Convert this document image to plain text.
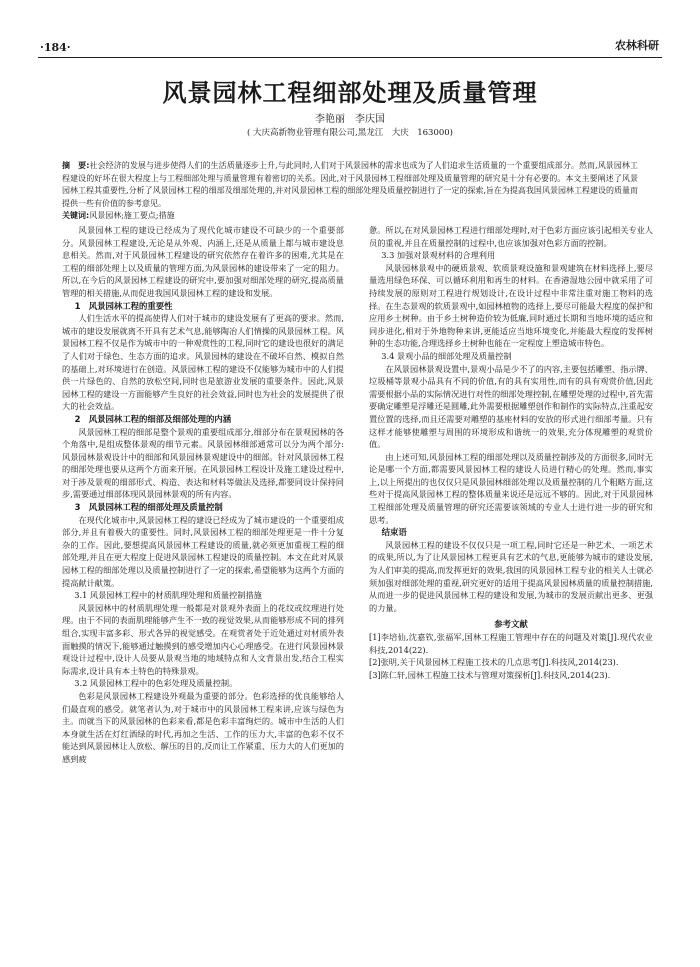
·184·	农林科研
风景园林工程细部处理及质量管理
李艳丽　李庆国
( 大庆高新物业管理有限公司,黑龙江　大庆　163000)
摘　要:社会经济的发展与进步使得人们的生活质量逐步上升,与此同时,人们对于风景园林的需求也成为了人们追求生活质量的一个重要组成部分。然而,风景园林工程建设的好坏在很大程度上与工程细部处理与质量管理有着密切的关系。因此,对于风景园林工程细部处理及质量管理的研究是十分有必要的。本文主要阐述了风景园林工程其重要性,分析了风景园林工程的细部及细部处理的,并对风景园林工程的细部处理及质量控制进行了一定的探索,旨在为提高我国风景园林工程建设的质量而提供一些有价值的参考意见。
关键词:风景园林;施工要点;措施

风景园林工程的建设已经成为了现代化城市建设不可缺少的一个重要部分。风景园林工程建设,无论是从外观、内涵上,还是从质量上都与城市建设息息相关。然而,对于风景园林工程建设的研究依然存在着许多的困难,尤其是在工程的细部处理上以及质量的管理方面,为风景园林的建设带来了一定的阻力。所以,在今后的风景园林工程建设的研究中,要加强对细部处理的研究,提高质量管理的相关措施,从而促进我国风景园林工程的建设和发展。

1　风景园林工程的重要性

人们生活水平的提高使得人们对于城市的建设发展有了更高的要求。然而,城市的建设发展就离不开具有艺术气息,能够陶冶人们情操的风景园林工程。风景园林工程不仅是作为城市中的一种观赏性的工程,同时它的建设也很好的满足了人们对于绿色、生态方面的追求。风景园林的建设在不破坏自然、模拟自然的基础上,对环境进行在创造。风景园林工程的建设不仅能够为城市中的人们提供一片绿色的、自然的放松空间,同时也是旅游业发展的重要条件。因此,风景园林工程的建设一方面能够产生良好的社会效益,同时也为社会的发展提供了很大的社会效益。

2　风景园林工程的细部及细部处理的内涵

风景园林工程的细部是整个景观的重要组成部分,细部分布在景观园林的各个角落中,是组成整体景观的细节元素。风景园林细部通常可以分为两个部分:风景园林景观设计中的细部和风景园林景观建设中的细部。针对风景园林工程的细部处理也要从这两个方面来开展。在风景园林工程设计及施工建设过程中,对于涉及景观的细部形式、构造、表达和材料等做法及选择,都要同设计保持同步,需要通过细部体现风景园林景观的所有内容。

3　风景园林工程的细部处理及质量控制

在现代化城市中,风景园林工程的建设已经成为了城市建设的一个重要组成部分,并且有着极大的重要性。同时,风景园林工程的细部处理更是一件十分复杂的工作。因此,要想提高风景园林工程建设的质量,就必须更加重视工程的细部处理,并且在更大程度上促进风景园林工程建设的质量控制。本文在此对风景园林工程的细部处理以及质量控制进行了一定的探索,希望能够为这两个方面的提高献计献策。

3.1 风景园林工程中的材质肌理处理和质量控制措施

风景园林中的材质肌理处理一般都是对景观外表面上的花纹或纹理进行处理。由于不同的表面肌理能够产生不一致的视觉效果,从而能够形成不同的排列组合,实现丰富多彩、形式各异的视觉感受。在观赏者处于近处通过对材质外表面触摸的情况下,能够通过触摸到的感受增加内心心理感受。在进行风景园林景观设计过程中,设计人员要从景观当地的地域特点和人文背景出发,结合工程实际需求,设计具有本土特色的特殊景观。

3.2 风景园林工程中的色彩处理及质量控制。

色彩是风景园林工程建设外观最为重要的部分。色彩选择的优良能够给人们最直观的感受。就笔者认为,对于城市中的风景园林工程来讲,应该与绿色为主。而就当下的风景园林的色彩来看,都是色彩丰富绚烂的。城市中生活的人们本身就生活在灯红酒绿的时代,再加之生活、工作的压力大,丰富的色彩不仅不能达到风景园林让人放松、解压的目的,反而让工作紧重、压力大的人们更加的感到疲

惫。所以,在对风景园林工程进行细部处理时,对于色彩方面应该引起相关专业人员的重视,并且在质量控制的过程中,也应该加强对色彩方面的控制。

3.3 加强对景观材料的合理利用

风景园林景观中的硬质景观、软质景观设施和景观建筑在材料选择上,要尽量选用绿色环保、可以循环利用和再生的材料。在香港湿地公园中就采用了可持续发展的原则对工程进行规划设计,在设计过程中非常注重对施工物料的选择。在生态景观的软质景观中,如园林植物的选择上,要尽可能最大程度的保护和应用乡土树种。由于乡土树种造价较为低廉,同时通过长期和当地环境的适应和同步进化,相对于外地物种来讲,更能适应当地环境变化,并能最大程度的发挥树种的生态功能,合理选择乡土树种也能在一定程度上塑造城市特色。

3.4 景观小品的细部处理及质量控制

在风景园林景观设置中,景观小品是少不了的内容,主要包括雕塑、指示牌、垃圾桶等景观小品具有不同的价值,有的具有实用性,而有的具有观赏价值,因此需要根据小品的实际情况进行对性的细部处理控制,在雕塑处理的过程中,首先需要确定雕塑是浮雕还是圆雕,此外需要根据雕塑创作和制作的实际特点,注重起安置位置的选择,而且还需要对雕塑的基座材料的安放的形式进行细部考量。只有这样才能够使雕塑与周围的环境形成和谐统一的效果,充分体现雕塑的观赏价值。

由上述可知,风景园林工程的细部处理以及质量控制涉及的方面很多,同时无论是哪一个方面,都需要风景园林工程的建设人员进行精心的处理。然而,事实上,以上所提出的也仅仅只是风景园林细部处理以及质量控制的几个粗略方面,这些对于提高风景园林工程的整体质量来说还是远远不够的。因此,对于风景园林工程细部处理及质量管理的研究还需要该领域的专业人士进行进一步的研究和思考。

结束语

风景园林工程的建设不仅仅只是一项工程,同时它还是一种艺术、一项艺术的成果,所以,为了让风景园林工程更具有艺术的气息,更能够为城市的建设发展,为人们审美的提高,而发挥更好的效果,我国的风景园林工程专业的相关人士就必须加强对细部处理的重视,研究更好的适用于提高风景园林质量的质量控制措施,从而进一步的促进风景园林工程的建设和发展,为城市的发展贡献出更多、更强的力量。

参考文献

[1]李培仙,沈嘉钦,张福军,国林工程施工管理中存在的问题及对策[J].现代农业科技,2014(22).

[2]张明,关于风景园林工程施工技术的几点思考[J].科技风,2014(23).

[3]陈仁轩,园林工程施工技术与管理对策探析[J].科技风,2014(23).
